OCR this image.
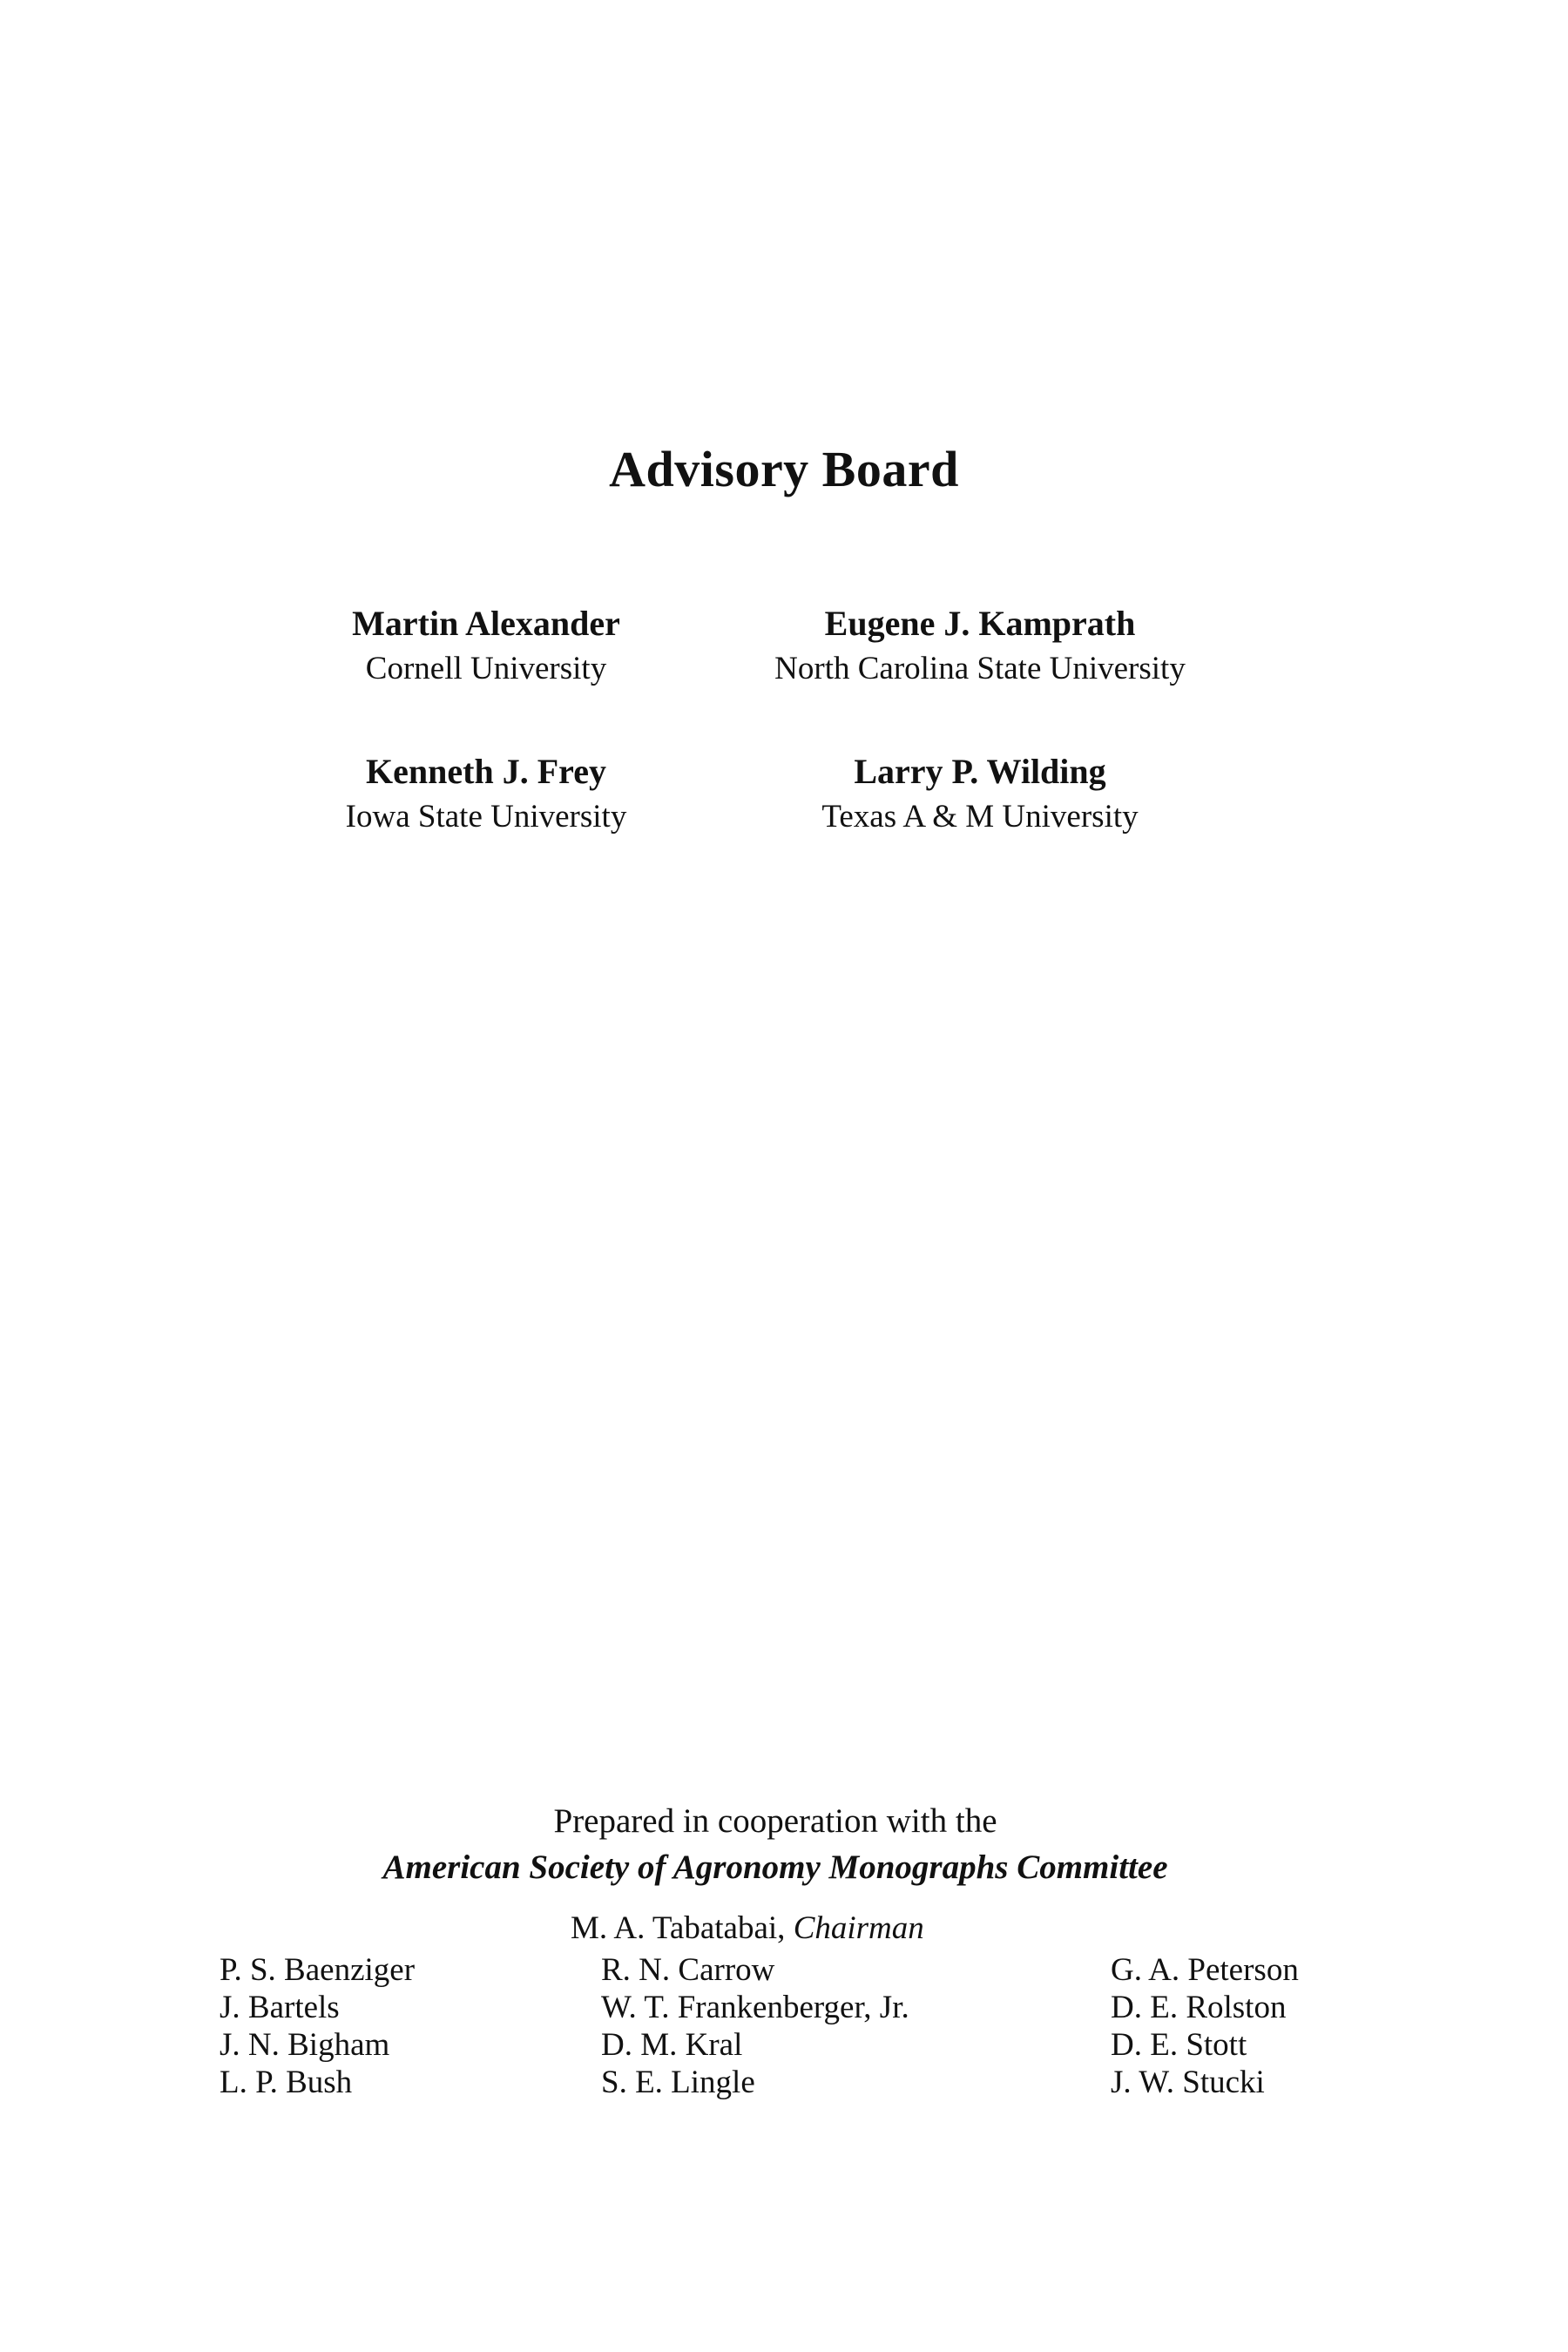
Advisory Board
Martin Alexander
Cornell University
Eugene J. Kamprath
North Carolina State University
Kenneth J. Frey
Iowa State University
Larry P. Wilding
Texas A & M University
Prepared in cooperation with the
American Society of Agronomy Monographs Committee
M. A. Tabatabai, Chairman
P. S. Baenziger
J. Bartels
J. N. Bigham
L. P. Bush
R. N. Carrow
W. T. Frankenberger, Jr.
D. M. Kral
S. E. Lingle
G. A. Peterson
D. E. Rolston
D. E. Stott
J. W. Stucki
